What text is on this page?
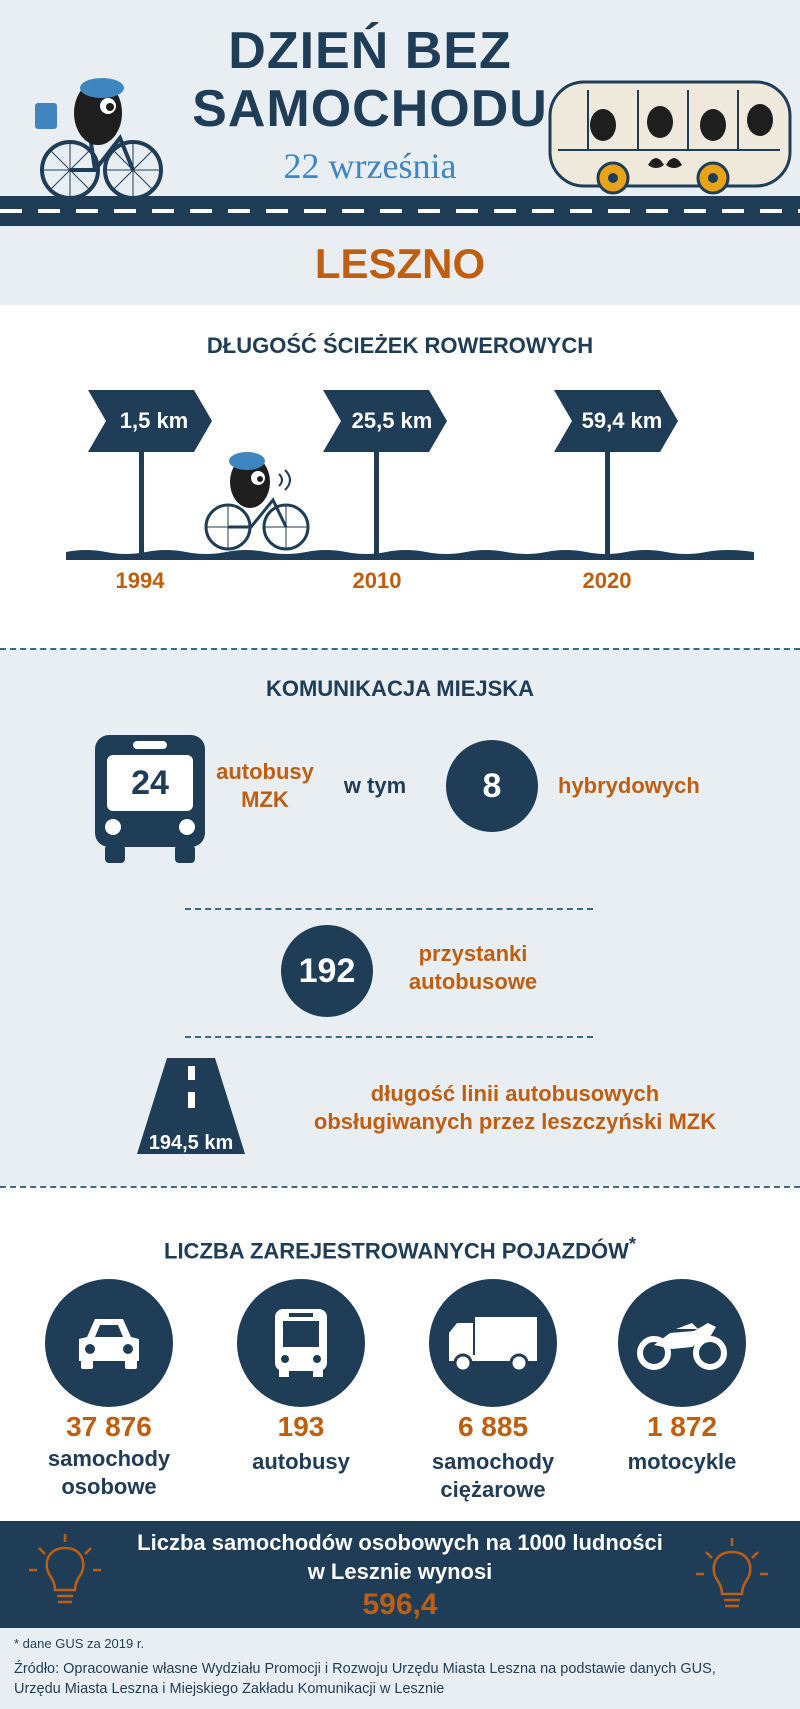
DZIEŃ BEZ
SAMOCHODU
22 września
LESZNO
DŁUGOŚĆ ŚCIEŻEK ROWEROWYCH
1,5 km	25,5 km	59,4 km
1994	2010	2020
KOMUNIKACJA MIEJSKA
24	autobusy
MZK
w tym	8	hybrydowych
192	przystanki
autobusowe
194,5 km
długość linii autobusowych
obsługiwanych przez leszczyński MZK
LICZBA ZAREJESTROWANYCH POJAZDÓW*
37 876
samochody
osobowe
193
autobusy
6 885
samochody
ciężarowe
1 872
motocykle
Liczba samochodów osobowych na 1000 ludności
w Lesznie wynosi
596,4
* dane GUS za 2019 r.
Źródło: Opracowanie własne Wydziału Promocji i Rozwoju Urzędu Miasta Leszna na podstawie danych GUS,
Urzędu Miasta Leszna i Miejskiego Zakładu Komunikacji w Lesznie
